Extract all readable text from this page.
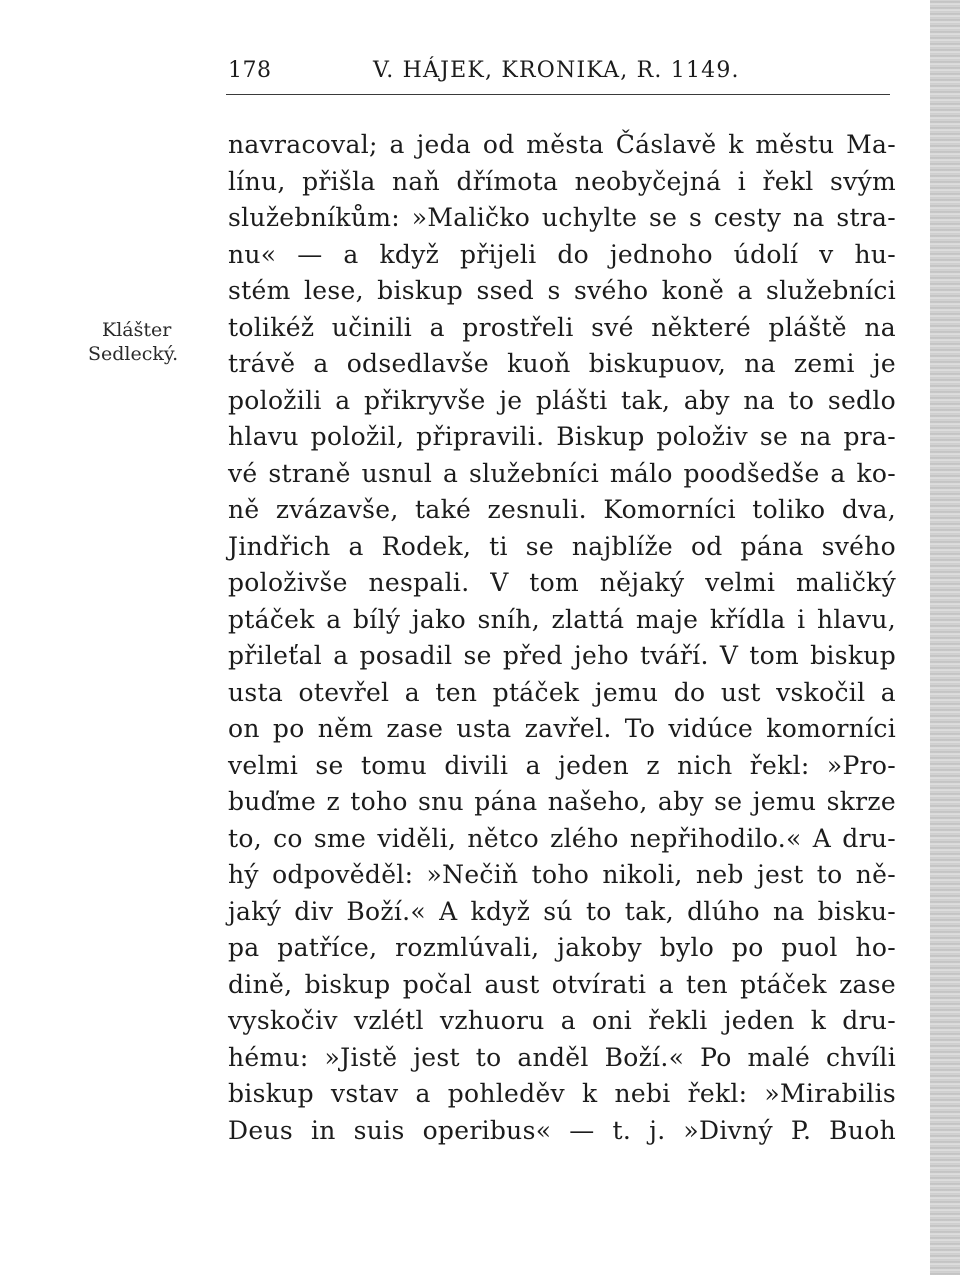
178	V. HÁJEK, KRONIKA, R. 1149.
Klášter
Sedlecký.
navracoval; a jeda od města Čáslavě k městu Ma-
línu, přišla naň dřímota neobyčejná i řekl svým
služebníkům: »Maličko uchylte se s cesty na stra-
nu« — a když přijeli do jednoho údolí v hu-
stém lese, biskup ssed s svého koně a služebníci
tolikéž učinili a prostřeli své některé pláště na
trávě a odsedlavše kuoň biskupuov, na zemi je
položili a přikryvše je plášti tak, aby na to sedlo
hlavu položil, připravili. Biskup položiv se na pra-
vé straně usnul a služebníci málo poodšedše a ko-
ně zvázavše, také zesnuli. Komorníci toliko dva,
Jindřich a Rodek, ti se najblíže od pána svého
položivše nespali. V tom nějaký velmi maličký
ptáček a bílý jako sníh, zlattá maje křídla i hlavu,
přileťal a posadil se před jeho tváří. V tom biskup
usta otevřel a ten ptáček jemu do ust vskočil a
on po něm zase usta zavřel. To vidúce komorníci
velmi se tomu divili a jeden z nich řekl: »Pro-
buďme z toho snu pána našeho, aby se jemu skrze
to, co sme viděli, nětco zlého nepřihodilo.« A dru-
hý odpověděl: »Nečiň toho nikoli, neb jest to ně-
jaký div Boží.« A když sú to tak, dlúho na bisku-
pa patříce, rozmlúvali, jakoby bylo po puol ho-
dině, biskup počal aust otvírati a ten ptáček zase
vyskočiv vzlétl vzhuoru a oni řekli jeden k dru-
hému: »Jistě jest to anděl Boží.« Po malé chvíli
biskup vstav a pohleděv k nebi řekl: »Mirabilis
Deus in suis operibus« — t. j. »Divný P. Buoh
